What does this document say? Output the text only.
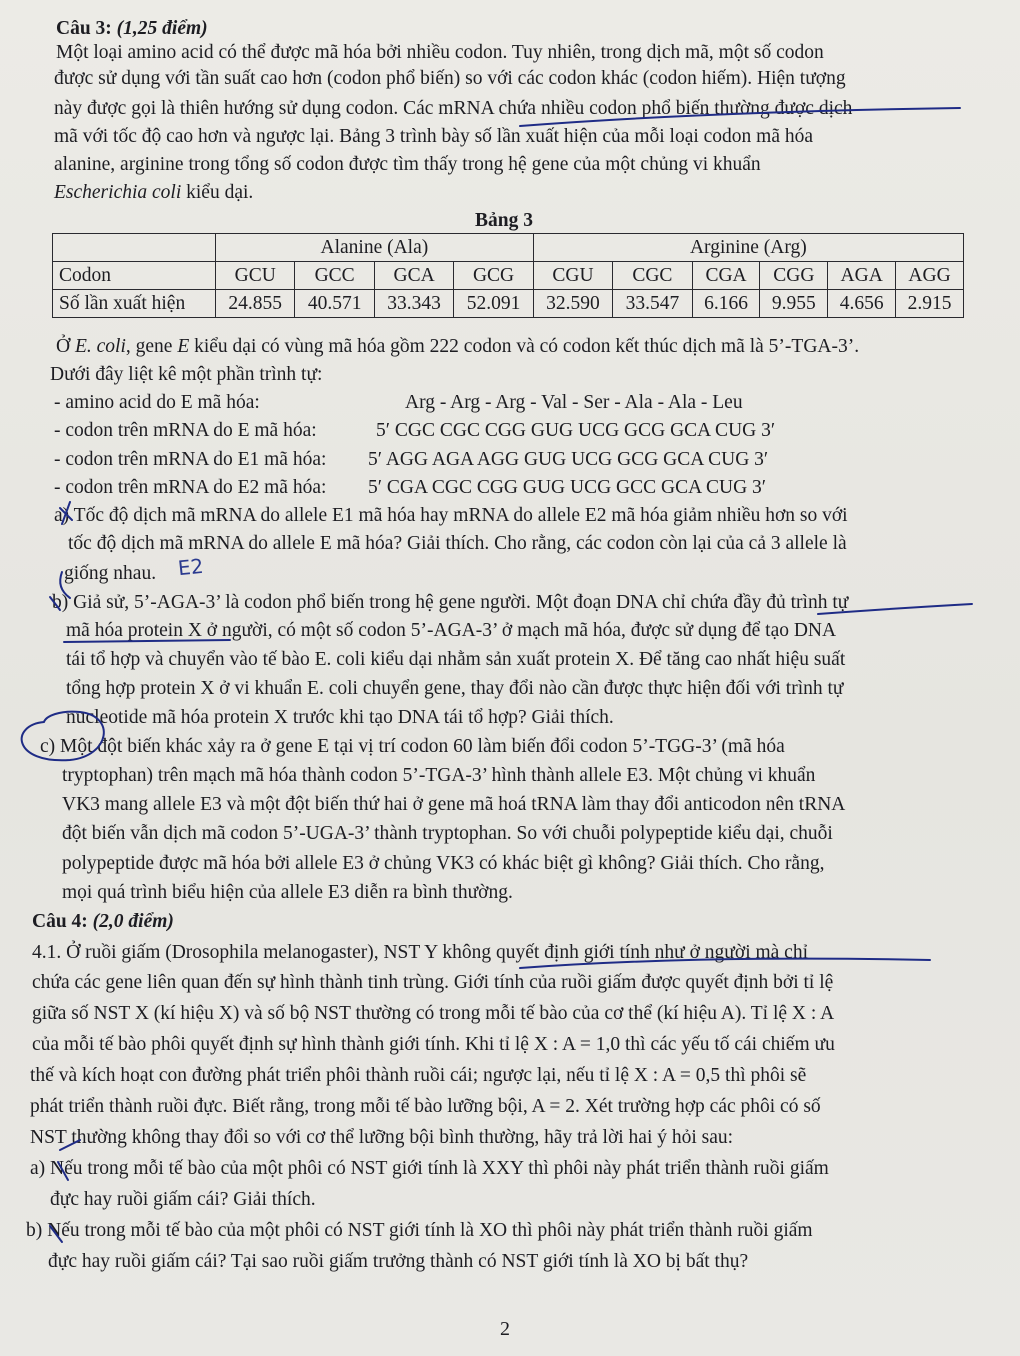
Câu 3: (1,25 điểm)

Một loại amino acid có thể được mã hóa bởi nhiều codon. Tuy nhiên, trong dịch mã, một số codon

được sử dụng với tần suất cao hơn (codon phổ biến) so với các codon khác (codon hiếm). Hiện tượng

này được gọi là thiên hướng sử dụng codon. Các mRNA chứa nhiều codon phổ biến thường được dịch

mã với tốc độ cao hơn và ngược lại. Bảng 3 trình bày số lần xuất hiện của mỗi loại codon mã hóa

alanine, arginine trong tổng số codon được tìm thấy trong hệ gene của một chủng vi khuẩn

Escherichia coli kiểu dại.

Bảng 3

	Alanine (Ala)				Arginine (Arg)					
Codon	GCU	GCC	GCA	GCG	CGU	CGC	CGA	CGG	AGA	AGG
Số lần xuất hiện	24.855	40.571	33.343	52.091	32.590	33.547	6.166	9.955	4.656	2.915

Ở E. coli, gene E kiểu dại có vùng mã hóa gồm 222 codon và có codon kết thúc dịch mã là 5’-TGA-3’.

Dưới đây liệt kê một phần trình tự:

- amino acid do E mã hóa:	Arg - Arg - Arg - Val - Ser - Ala - Ala - Leu

- codon trên mRNA do E mã hóa:	5′ CGC CGC CGG GUG UCG GCG GCA CUG 3′

- codon trên mRNA do E1 mã hóa: 5′ AGG AGA AGG GUG UCG GCG GCA CUG 3′

- codon trên mRNA do E2 mã hóa: 5′ CGA CGC CGG GUG UCG GCC GCA CUG 3′

a) Tốc độ dịch mã mRNA do allele E1 mã hóa hay mRNA do allele E2 mã hóa giảm nhiều hơn so với

tốc độ dịch mã mRNA do allele E mã hóa? Giải thích. Cho rằng, các codon còn lại của cả 3 allele là

giống nhau.

b) Giả sử, 5’-AGA-3’ là codon phổ biến trong hệ gene người. Một đoạn DNA chỉ chứa đầy đủ trình tự

mã hóa protein X ở người, có một số codon 5’-AGA-3’ ở mạch mã hóa, được sử dụng để tạo DNA

tái tổ hợp và chuyển vào tế bào E. coli kiểu dại nhằm sản xuất protein X. Để tăng cao nhất hiệu suất

tổng hợp protein X ở vi khuẩn E. coli chuyển gene, thay đổi nào cần được thực hiện đối với trình tự

nucleotide mã hóa protein X trước khi tạo DNA tái tổ hợp? Giải thích.

c) Một đột biến khác xảy ra ở gene E tại vị trí codon 60 làm biến đổi codon 5’-TGG-3’ (mã hóa

tryptophan) trên mạch mã hóa thành codon 5’-TGA-3’ hình thành allele E3. Một chủng vi khuẩn

VK3 mang allele E3 và một đột biến thứ hai ở gene mã hoá tRNA làm thay đổi anticodon nên tRNA

đột biến vẫn dịch mã codon 5’-UGA-3’ thành tryptophan. So với chuỗi polypeptide kiểu dại, chuỗi

polypeptide được mã hóa bởi allele E3 ở chủng VK3 có khác biệt gì không? Giải thích. Cho rằng,

mọi quá trình biểu hiện của allele E3 diễn ra bình thường.

Câu 4: (2,0 điểm)

4.1. Ở ruồi giấm (Drosophila melanogaster), NST Y không quyết định giới tính như ở người mà chỉ

chứa các gene liên quan đến sự hình thành tinh trùng. Giới tính của ruồi giấm được quyết định bởi tỉ lệ

giữa số NST X (kí hiệu X) và số bộ NST thường có trong mỗi tế bào của cơ thể (kí hiệu A). Tỉ lệ X : A

của mỗi tế bào phôi quyết định sự hình thành giới tính. Khi tỉ lệ X : A = 1,0 thì các yếu tố cái chiếm ưu

thế và kích hoạt con đường phát triển phôi thành ruồi cái; ngược lại, nếu tỉ lệ X : A = 0,5 thì phôi sẽ

phát triển thành ruồi đực. Biết rằng, trong mỗi tế bào lưỡng bội, A = 2. Xét trường hợp các phôi có số

NST thường không thay đổi so với cơ thể lưỡng bội bình thường, hãy trả lời hai ý hỏi sau:

a) Nếu trong mỗi tế bào của một phôi có NST giới tính là XXY thì phôi này phát triển thành ruồi giấm

đực hay ruồi giấm cái? Giải thích.

b) Nếu trong mỗi tế bào của một phôi có NST giới tính là XO thì phôi này phát triển thành ruồi giấm

đực hay ruồi giấm cái? Tại sao ruồi giấm trưởng thành có NST giới tính là XO bị bất thụ?

E2

2
